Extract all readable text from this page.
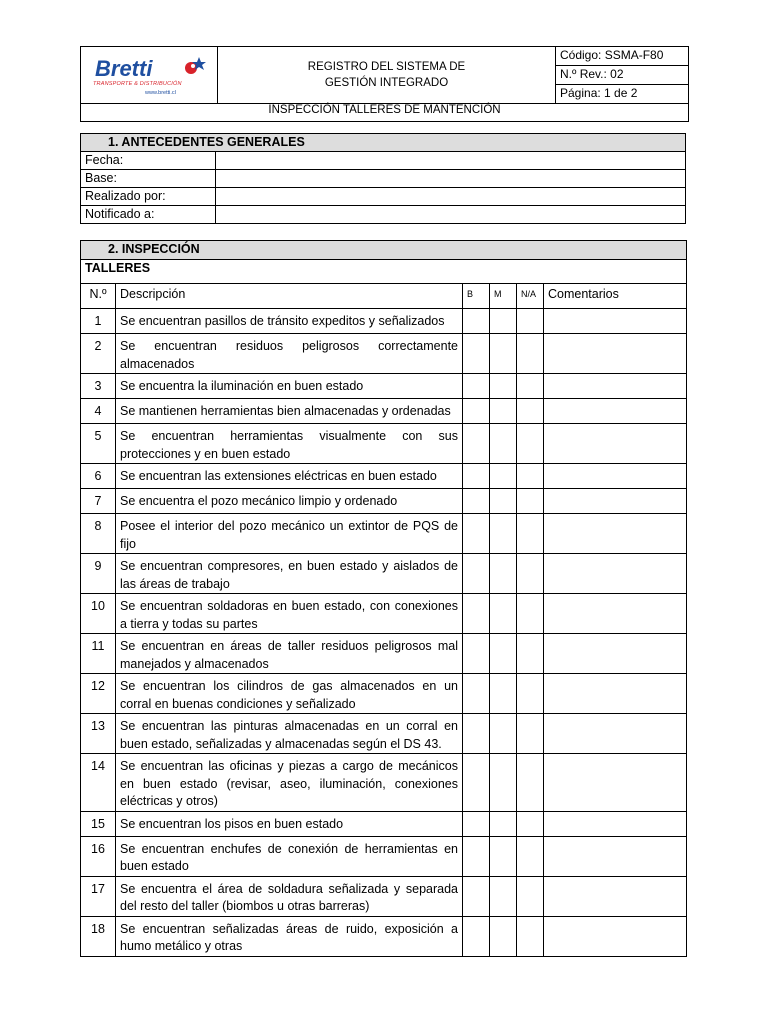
Bretti
TRANSPORTE & DISTRIBUCIÓN
www.bretti.cl

REGISTRO DEL SISTEMA DE
GESTIÓN INTEGRADO
	Código: SSMA-F80
N.º Rev.: 02
Página: 1 de 2
INSPECCIÓN TALLERES DE MANTENCIÓN
1. ANTECEDENTES GENERALES	
Fecha:	
Base:	
Realizado por:	
Notificado a:	
2. INSPECCIÓN					
TALLERES					
N.º	Descripción	B	M	N/A	Comentarios
1	Se encuentran pasillos de tránsito expeditos y señalizados				
2	Se encuentran residuos peligrosos correctamente almacenados				
3	Se encuentra la iluminación en buen estado				
4	Se mantienen herramientas bien almacenadas y ordenadas				
5	Se encuentran herramientas visualmente con sus protecciones y en buen estado				
6	Se encuentran las extensiones eléctricas en buen estado				
7	Se encuentra el pozo mecánico limpio y ordenado				
8	Posee el interior del pozo mecánico un extintor de PQS de fijo				
9	Se encuentran compresores, en buen estado y aislados de las áreas de trabajo				
10	Se encuentran soldadoras en buen estado, con conexiones a tierra y todas su partes				
11	Se encuentran en áreas de taller residuos peligrosos mal manejados y almacenados				
12	Se encuentran los cilindros de gas almacenados en un corral en buenas condiciones y señalizado				
13	Se encuentran las pinturas almacenadas en un corral en buen estado, señalizadas y almacenadas según el DS 43.				
14	Se encuentran las oficinas y piezas a cargo de mecánicos en buen estado (revisar, aseo, iluminación, conexiones eléctricas y otros)				
15	Se encuentran los pisos en buen estado				
16	Se encuentran enchufes de conexión de herramientas en buen estado				
17	Se encuentra el área de soldadura señalizada y separada del resto del taller (biombos u otras barreras)				
18	Se encuentran señalizadas áreas de ruido, exposición a humo metálico y otras				
